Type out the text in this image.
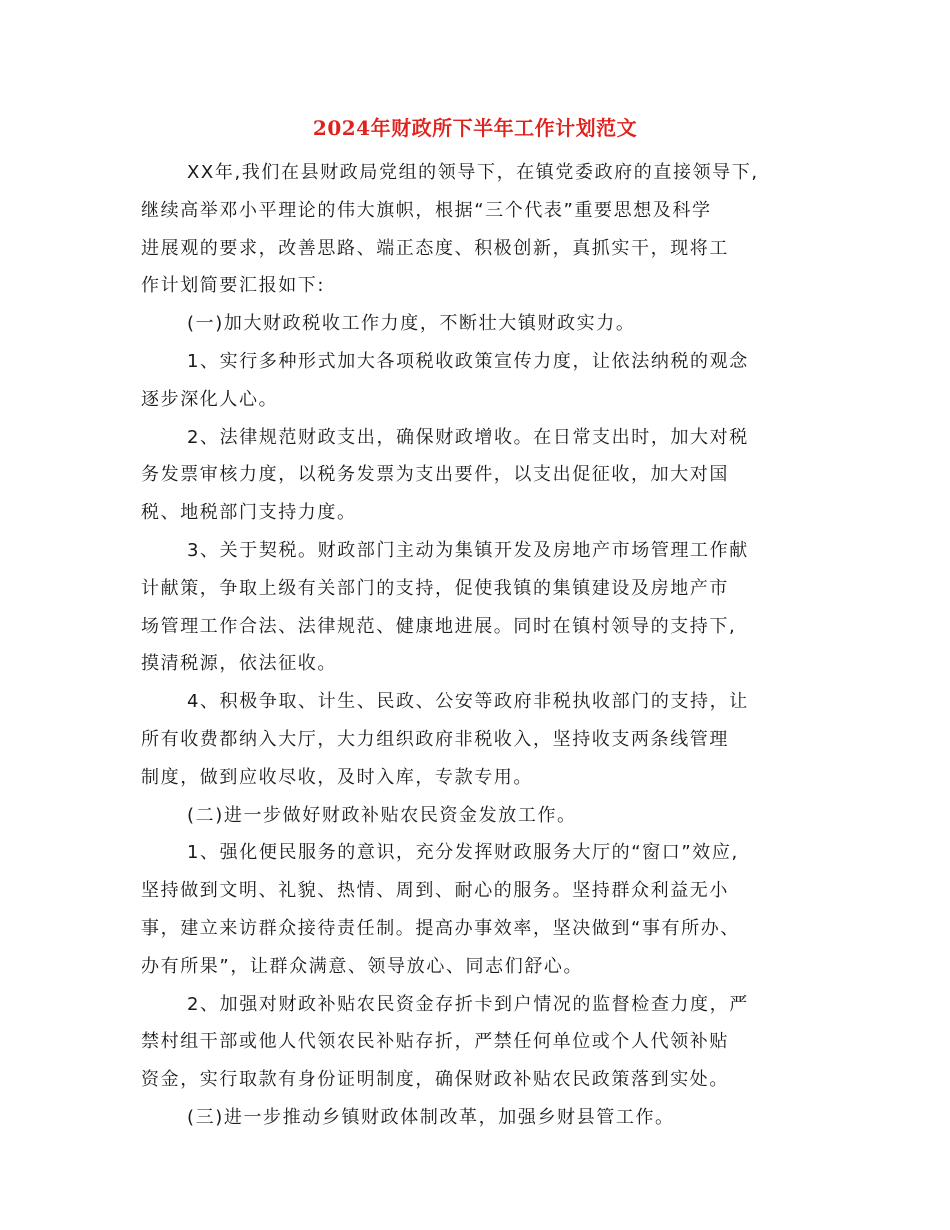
2024年财政所下半年工作计划范文
XX年,我们在县财政局党组的领导下，在镇党委政府的直接领导下,
继续高举邓小平理论的伟大旗帜，根据“三个代表”重要思想及科学
进展观的要求，改善思路、端正态度、积极创新，真抓实干，现将工
作计划简要汇报如下:
(一)加大财政税收工作力度，不断壮大镇财政实力。
1、实行多种形式加大各项税收政策宣传力度，让依法纳税的观念
逐步深化人心。
2、法律规范财政支出，确保财政增收。在日常支出时，加大对税
务发票审核力度，以税务发票为支出要件，以支出促征收，加大对国
税、地税部门支持力度。
3、关于契税。财政部门主动为集镇开发及房地产市场管理工作献
计献策，争取上级有关部门的支持，促使我镇的集镇建设及房地产市
场管理工作合法、法律规范、健康地进展。同时在镇村领导的支持下,
摸清税源，依法征收。
4、积极争取、计生、民政、公安等政府非税执收部门的支持，让
所有收费都纳入大厅，大力组织政府非税收入，坚持收支两条线管理
制度，做到应收尽收，及时入库，专款专用。
(二)进一步做好财政补贴农民资金发放工作。
1、强化便民服务的意识，充分发挥财政服务大厅的“窗口”效应,
坚持做到文明、礼貌、热情、周到、耐心的服务。坚持群众利益无小
事，建立来访群众接待责任制。提高办事效率，坚决做到“事有所办、
办有所果”，让群众满意、领导放心、同志们舒心。
2、加强对财政补贴农民资金存折卡到户情况的监督检查力度，严
禁村组干部或他人代领农民补贴存折，严禁任何单位或个人代领补贴
资金，实行取款有身份证明制度，确保财政补贴农民政策落到实处。
(三)进一步推动乡镇财政体制改革，加强乡财县管工作。
